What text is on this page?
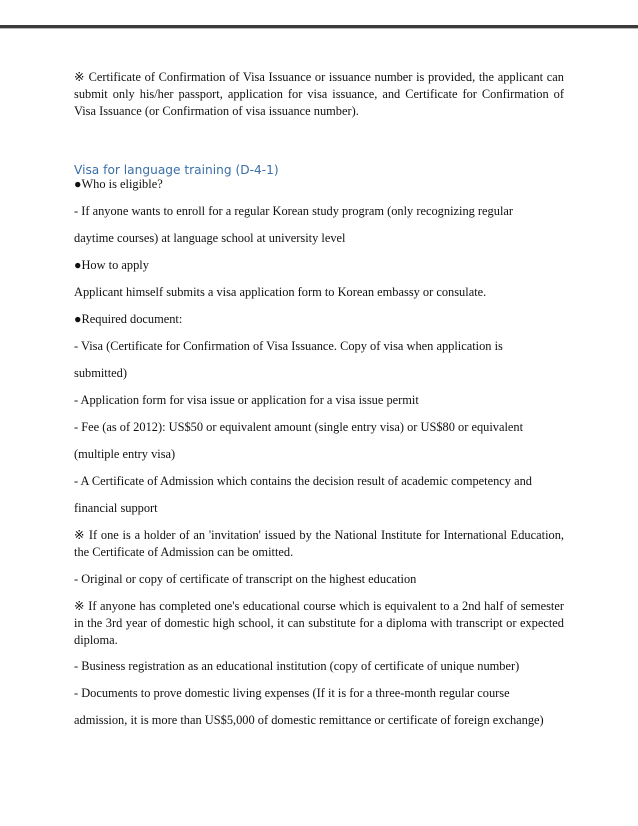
※ Certificate of Confirmation of Visa Issuance or issuance number is provided, the applicant can submit only his/her passport, application for visa issuance, and Certificate for Confirmation of Visa Issuance (or Confirmation of visa issuance number).

Visa for language training (D-4-1)

●Who is eligible?

- If anyone wants to enroll for a regular Korean study program (only recognizing regular

daytime courses) at language school at university level

●How to apply

Applicant himself submits a visa application form to Korean embassy or consulate.

●Required document:

- Visa (Certificate for Confirmation of Visa Issuance. Copy of visa when application is

submitted)

- Application form for visa issue or application for a visa issue permit

- Fee (as of 2012): US$50 or equivalent amount (single entry visa) or US$80 or equivalent

(multiple entry visa)

- A Certificate of Admission which contains the decision result of academic competency and

financial support

※ If one is a holder of an 'invitation' issued by the National Institute for International Education, the Certificate of Admission can be omitted.

- Original or copy of certificate of transcript on the highest education

※ If anyone has completed one's educational course which is equivalent to a 2nd half of semester in the 3rd year of domestic high school, it can substitute for a diploma with transcript or expected diploma.

- Business registration as an educational institution (copy of certificate of unique number)

- Documents to prove domestic living expenses (If it is for a three-month regular course

admission, it is more than US$5,000 of domestic remittance or certificate of foreign exchange)
